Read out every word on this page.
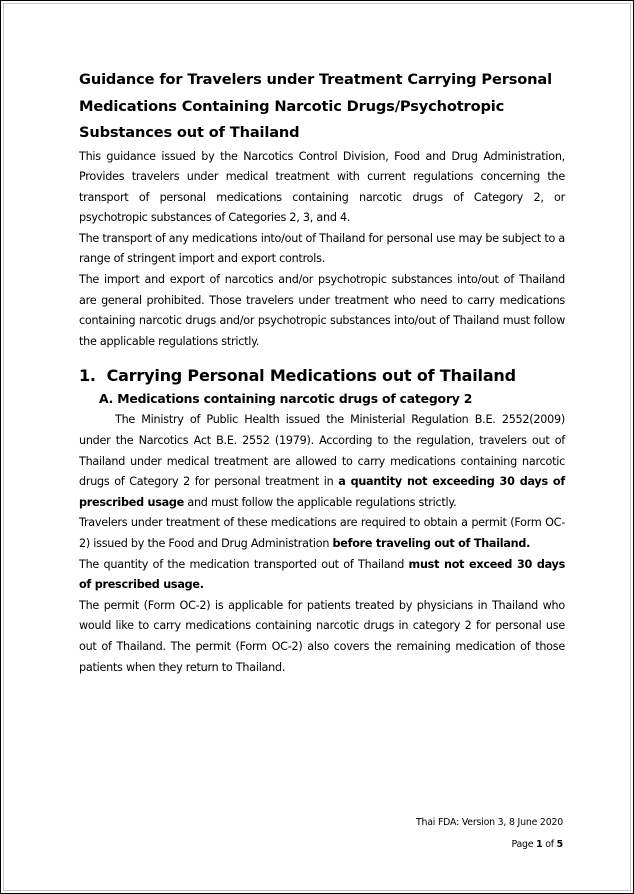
Guidance for Travelers under Treatment Carrying Personal Medications Containing Narcotic Drugs/Psychotropic Substances out of Thailand

This guidance issued by the Narcotics Control Division, Food and Drug Administration, Provides travelers under medical treatment with current regulations concerning the transport of personal medications containing narcotic drugs of Category 2, or psychotropic substances of Categories 2, 3, and 4.

The transport of any medications into/out of Thailand for personal use may be subject to a range of stringent import and export controls.

The import and export of narcotics and/or psychotropic substances into/out of Thailand are general prohibited. Those travelers under treatment who need to carry medications containing narcotic drugs and/or psychotropic substances into/out of Thailand must follow the applicable regulations strictly.

1. Carrying Personal Medications out of Thailand
A. Medications containing narcotic drugs of category 2

The Ministry of Public Health issued the Ministerial Regulation B.E. 2552(2009) under the Narcotics Act B.E. 2552 (1979). According to the regulation, travelers out of Thailand under medical treatment are allowed to carry medications containing narcotic drugs of Category 2 for personal treatment in a quantity not exceeding 30 days of prescribed usage and must follow the applicable regulations strictly.

Travelers under treatment of these medications are required to obtain a permit (Form OC-2) issued by the Food and Drug Administration before traveling out of Thailand.

The quantity of the medication transported out of Thailand must not exceed 30 days of prescribed usage.

The permit (Form OC-2) is applicable for patients treated by physicians in Thailand who would like to carry medications containing narcotic drugs in category 2 for personal use out of Thailand. The permit (Form OC-2) also covers the remaining medication of those patients when they return to Thailand.

Thai FDA: Version 3, 8 June 2020
Page 1 of 5
